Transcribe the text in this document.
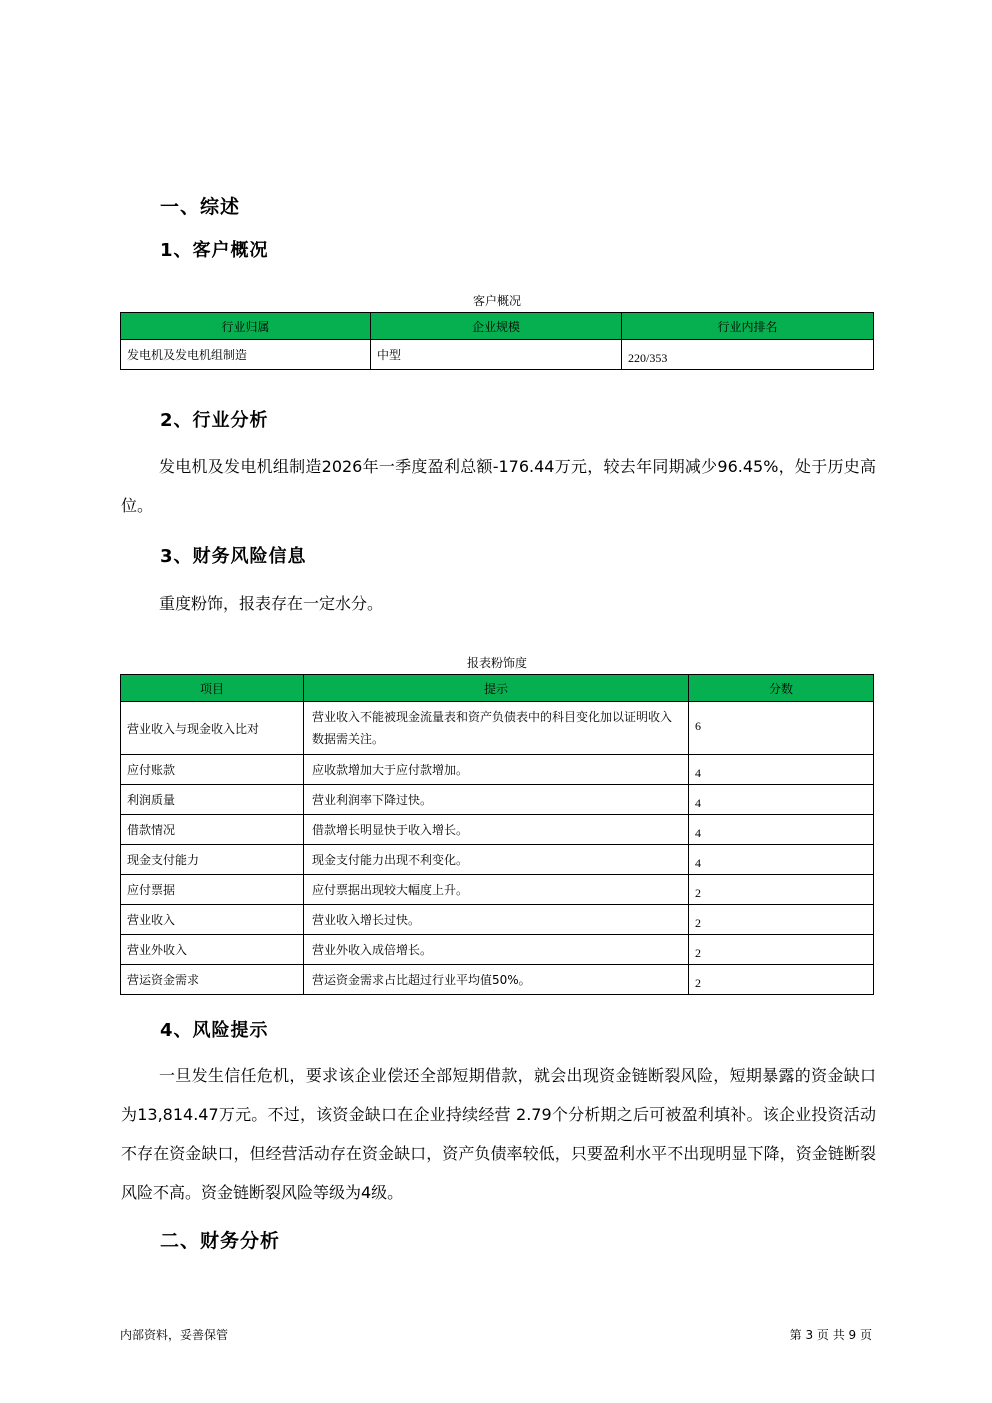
一、综述
1、客户概况
客户概况
行业归属	企业规模	行业内排名
发电机及发电机组制造	中型	220/353
2、行业分析
发电机及发电机组制造2026年一季度盈利总额-176.44万元，较去年同期减少96.45%，处于历史高位。
3、财务风险信息
重度粉饰，报表存在一定水分。
报表粉饰度
项目	提示	分数
营业收入与现金收入比对	营业收入不能被现金流量表和资产负债表中的科目变化加以证明收入数据需关注。	6
应付账款	应收款增加大于应付款增加。	4
利润质量	营业利润率下降过快。	4
借款情况	借款增长明显快于收入增长。	4
现金支付能力	现金支付能力出现不利变化。	4
应付票据	应付票据出现较大幅度上升。	2
营业收入	营业收入增长过快。	2
营业外收入	营业外收入成倍增长。	2
营运资金需求	营运资金需求占比超过行业平均值50%。	2
4、风险提示
一旦发生信任危机，要求该企业偿还全部短期借款，就会出现资金链断裂风险，短期暴露的资金缺口为13,814.47万元。不过，该资金缺口在企业持续经营 2.79个分析期之后可被盈利填补。该企业投资活动不存在资金缺口，但经营活动存在资金缺口，资产负债率较低，只要盈利水平不出现明显下降，资金链断裂风险不高。资金链断裂风险等级为4级。
二、财务分析
内部资料，妥善保管	第 3 页 共 9 页
